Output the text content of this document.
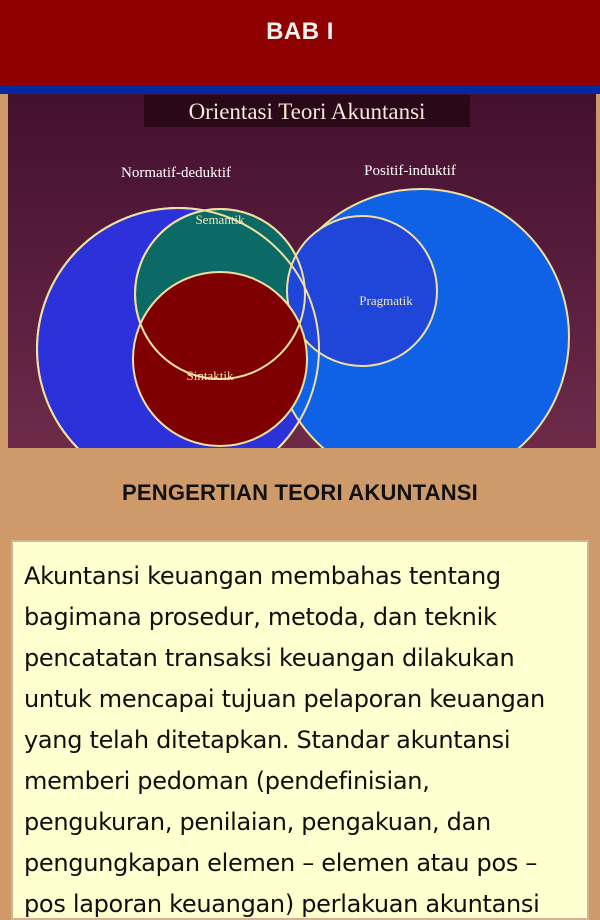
BAB I
Orientasi Teori Akuntansi
Normatif-deduktif	Positif-induktif
Semantik
Pragmatik
Sintaktik
PENGERTIAN TEORI AKUNTANSI

Akuntansi keuangan membahas tentang bagimana prosedur, metoda, dan teknik pencatatan transaksi keuangan dilakukan untuk mencapai tujuan pelaporan keuangan yang telah ditetapkan. Standar akuntansi memberi pedoman (pendefinisian, pengukuran, penilaian, pengakuan, dan pengungkapan elemen – elemen atau pos – pos laporan keuangan) perlakuan akuntansi
